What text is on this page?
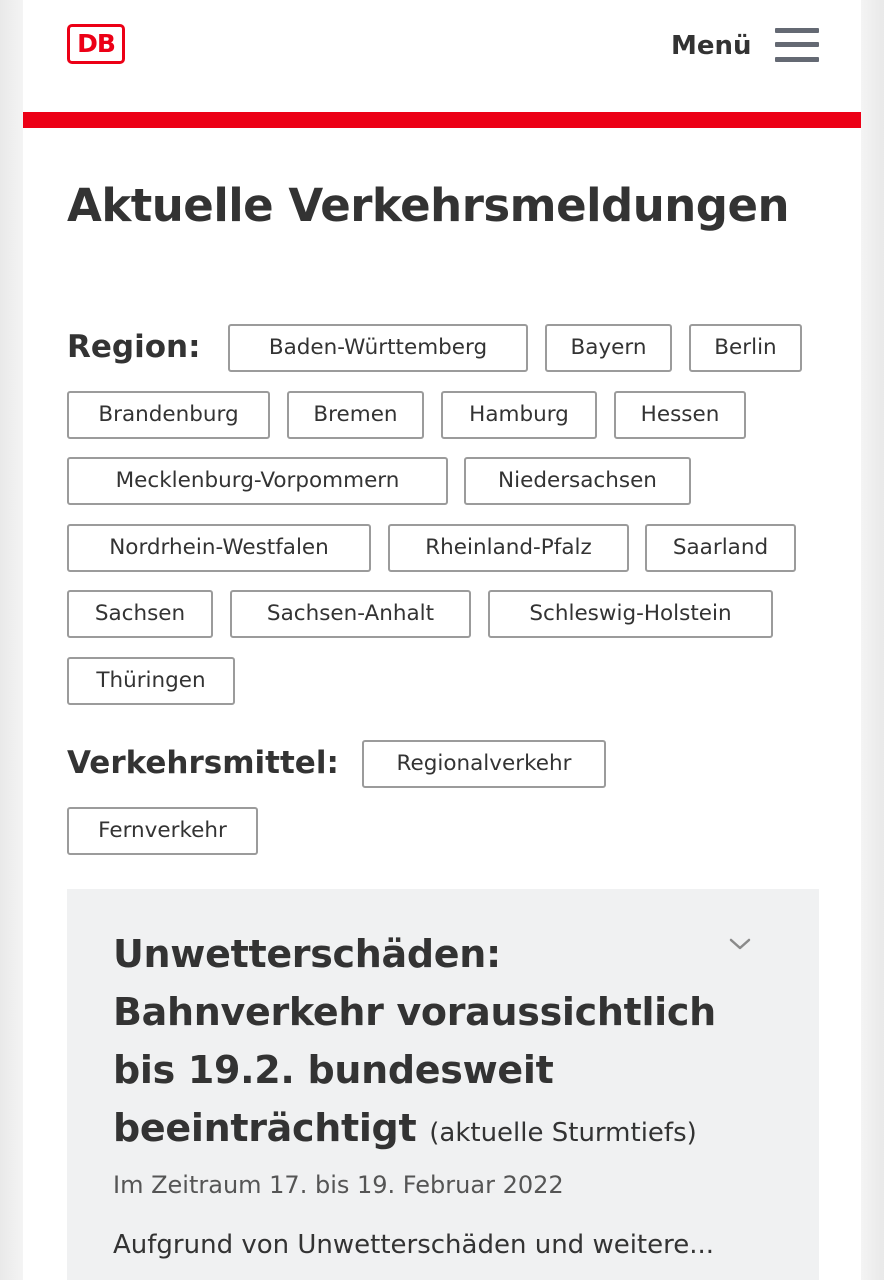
DB	Menü
Aktuelle Verkehrsmeldungen
Region:	Baden-Württemberg	Bayern	Berlin
Brandenburg	Bremen	Hamburg	Hessen
Mecklenburg-Vorpommern	Niedersachsen
Nordrhein-Westfalen	Rheinland-Pfalz	Saarland
Sachsen	Sachsen-Anhalt	Schleswig-Holstein
Thüringen
Verkehrsmittel:	Regionalverkehr
Fernverkehr
Unwetterschäden: Bahnverkehr voraussichtlich bis 19.2. bundesweit beeinträchtigt (aktuelle Sturmtiefs)
Im Zeitraum 17. bis 19. Februar 2022
Aufgrund von Unwetterschäden und weitere...
